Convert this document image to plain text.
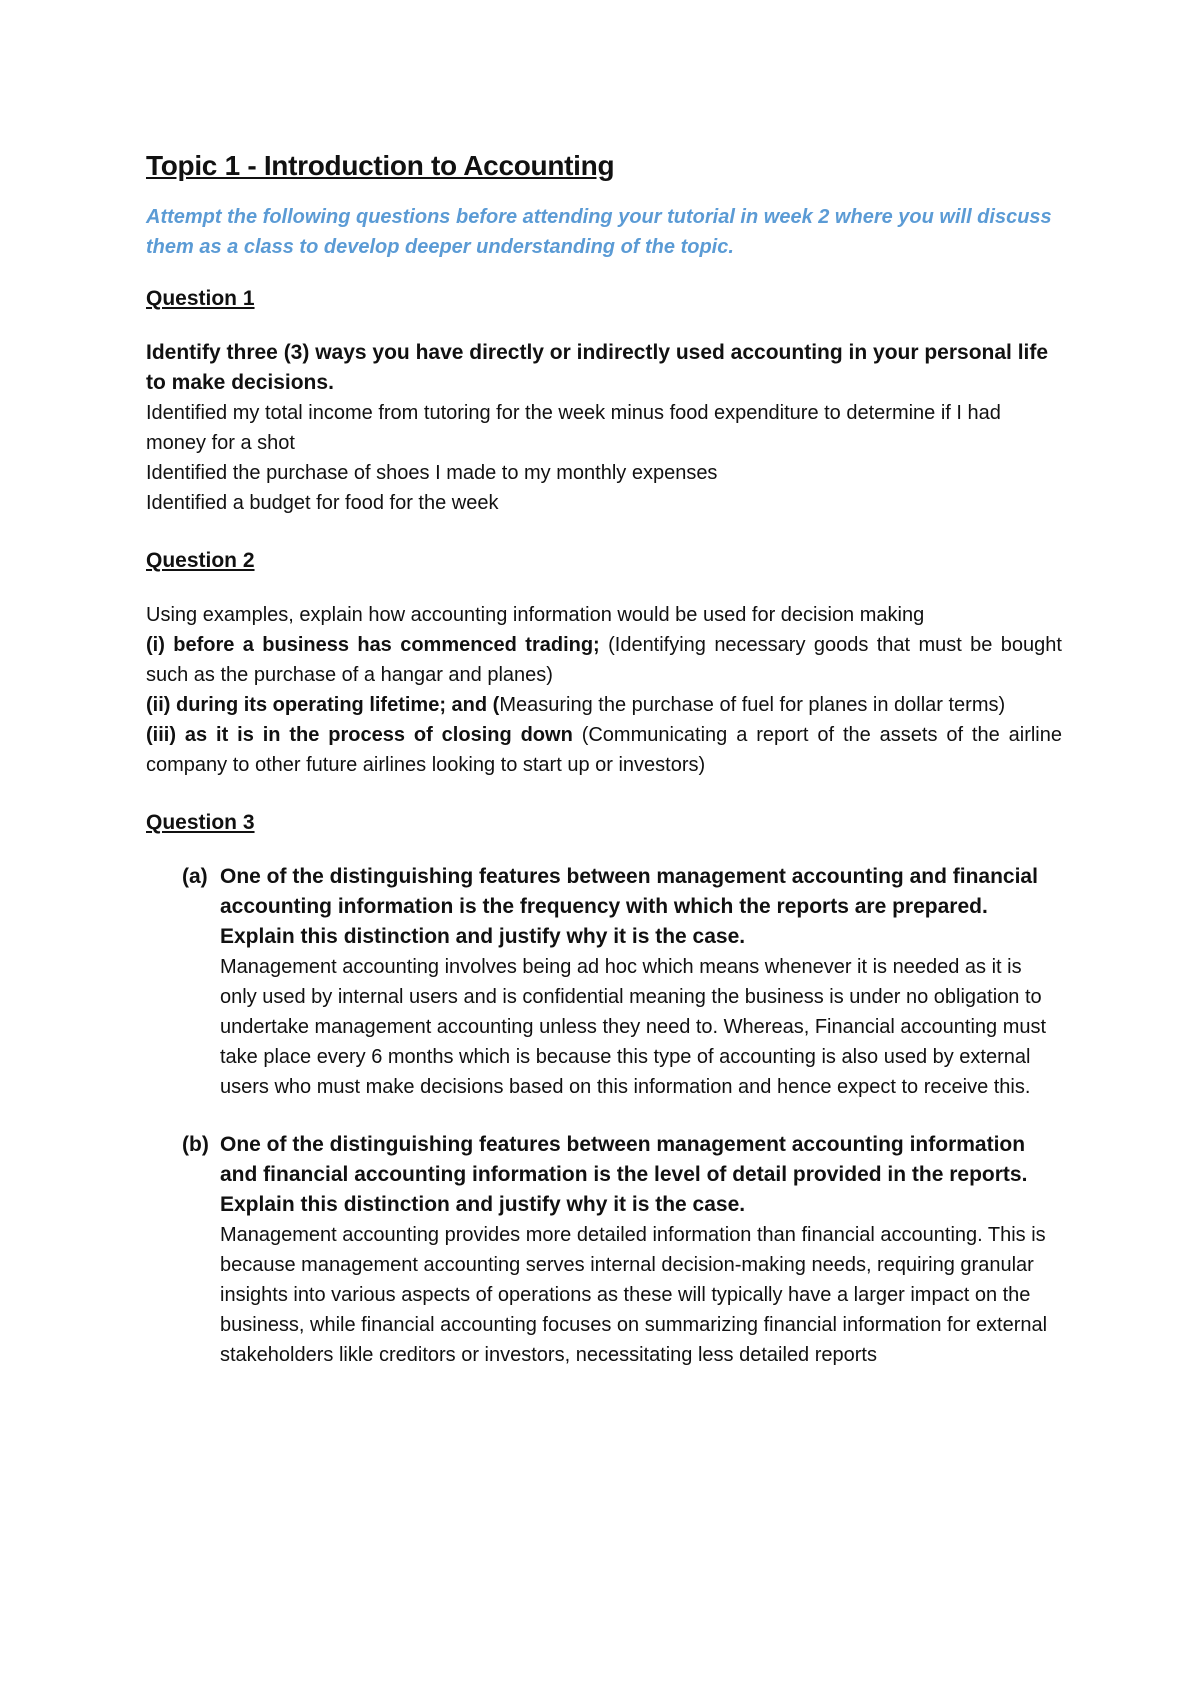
Topic 1 - Introduction to Accounting
Attempt the following questions before attending your tutorial in week 2 where you will discuss them as a class to develop deeper understanding of the topic.
Question 1
Identify three (3) ways you have directly or indirectly used accounting in your personal life to make decisions.
Identified my total income from tutoring for the week minus food expenditure to determine if I had money for a shot
Identified the purchase of shoes I made to my monthly expenses
Identified a budget for food for the week
Question 2
Using examples, explain how accounting information would be used for decision making
(i) before a business has commenced trading; (Identifying necessary goods that must be bought such as the purchase of a hangar and planes)
(ii) during its operating lifetime; and (Measuring the purchase of fuel for planes in dollar terms)
(iii) as it is in the process of closing down (Communicating a report of the assets of the airline company to other future airlines looking to start up or investors)
Question 3
(a) One of the distinguishing features between management accounting and financial accounting information is the frequency with which the reports are prepared. Explain this distinction and justify why it is the case.
Management accounting involves being ad hoc which means whenever it is needed as it is only used by internal users and is confidential meaning the business is under no obligation to undertake management accounting unless they need to. Whereas, Financial accounting must take place every 6 months which is because this type of accounting is also used by external users who must make decisions based on this information and hence expect to receive this.
(b) One of the distinguishing features between management accounting information and financial accounting information is the level of detail provided in the reports. Explain this distinction and justify why it is the case.
Management accounting provides more detailed information than financial accounting. This is because management accounting serves internal decision-making needs, requiring granular insights into various aspects of operations as these will typically have a larger impact on the business, while financial accounting focuses on summarizing financial information for external stakeholders likle creditors or investors, necessitating less detailed reports
